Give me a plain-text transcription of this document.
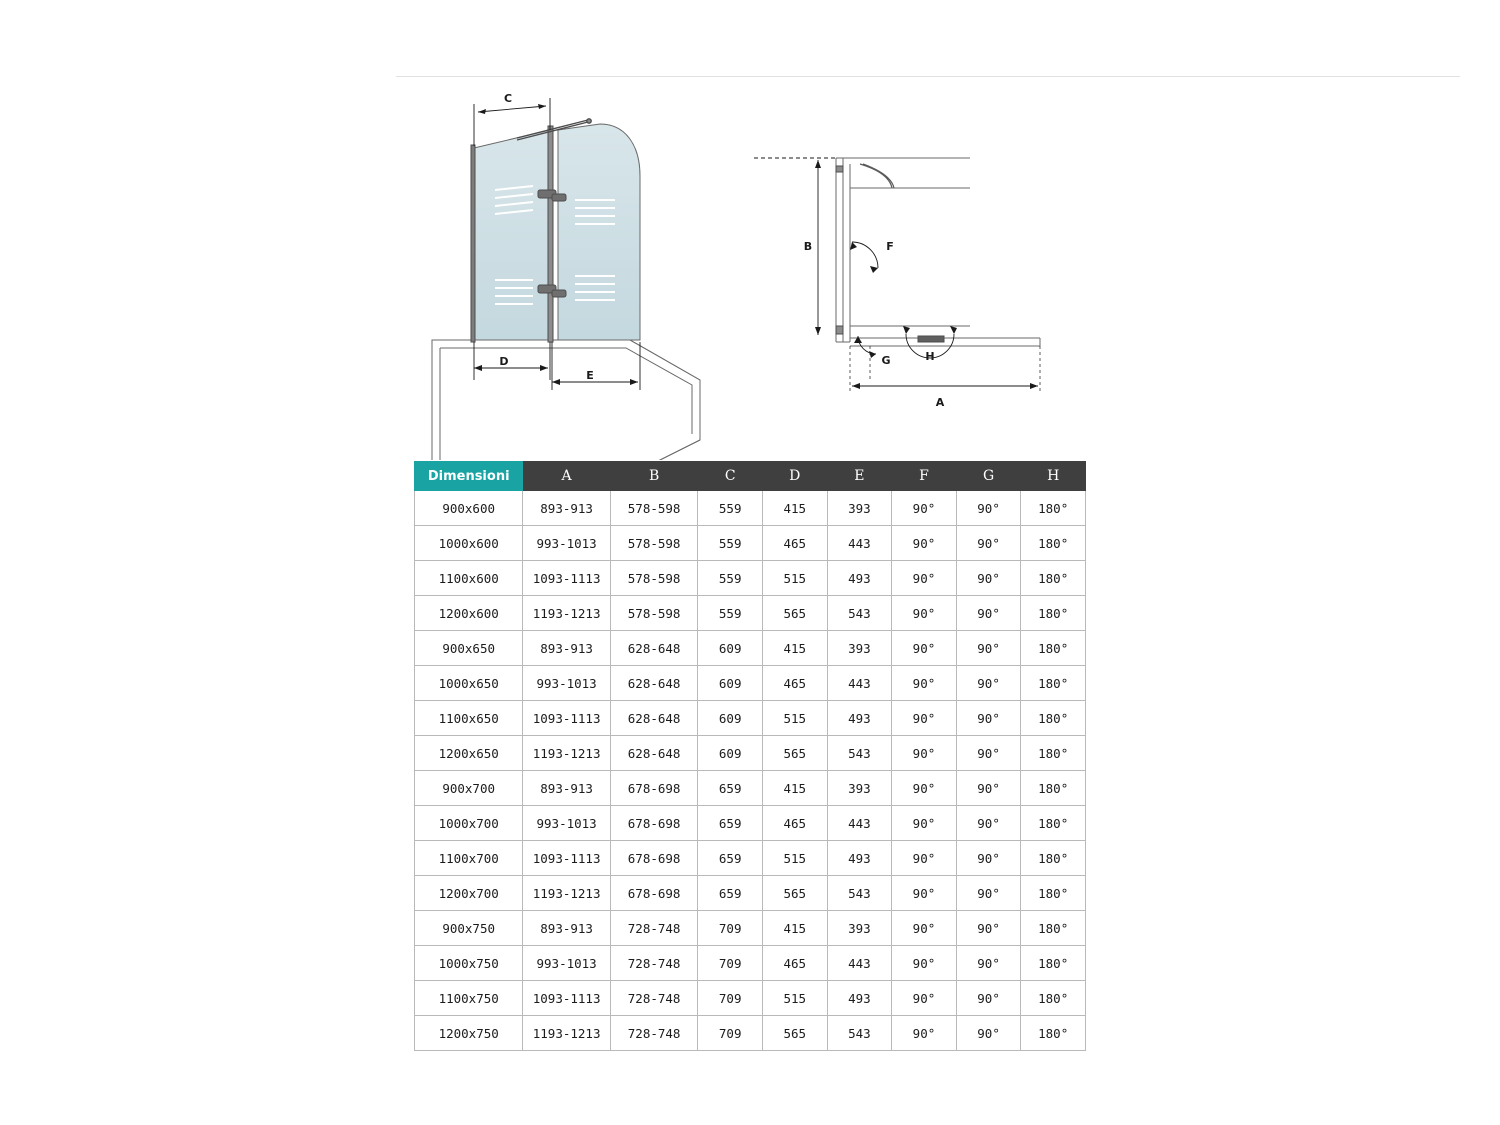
C
D
E
F
H
G
B
A
Dimensioni	A	B	C	D	E	F	G	H
900x600	893-913	578-598	559	415	393	90°	90°	180°
1000x600	993-1013	578-598	559	465	443	90°	90°	180°
1100x600	1093-1113	578-598	559	515	493	90°	90°	180°
1200x600	1193-1213	578-598	559	565	543	90°	90°	180°
900x650	893-913	628-648	609	415	393	90°	90°	180°
1000x650	993-1013	628-648	609	465	443	90°	90°	180°
1100x650	1093-1113	628-648	609	515	493	90°	90°	180°
1200x650	1193-1213	628-648	609	565	543	90°	90°	180°
900x700	893-913	678-698	659	415	393	90°	90°	180°
1000x700	993-1013	678-698	659	465	443	90°	90°	180°
1100x700	1093-1113	678-698	659	515	493	90°	90°	180°
1200x700	1193-1213	678-698	659	565	543	90°	90°	180°
900x750	893-913	728-748	709	415	393	90°	90°	180°
1000x750	993-1013	728-748	709	465	443	90°	90°	180°
1100x750	1093-1113	728-748	709	515	493	90°	90°	180°
1200x750	1193-1213	728-748	709	565	543	90°	90°	180°
